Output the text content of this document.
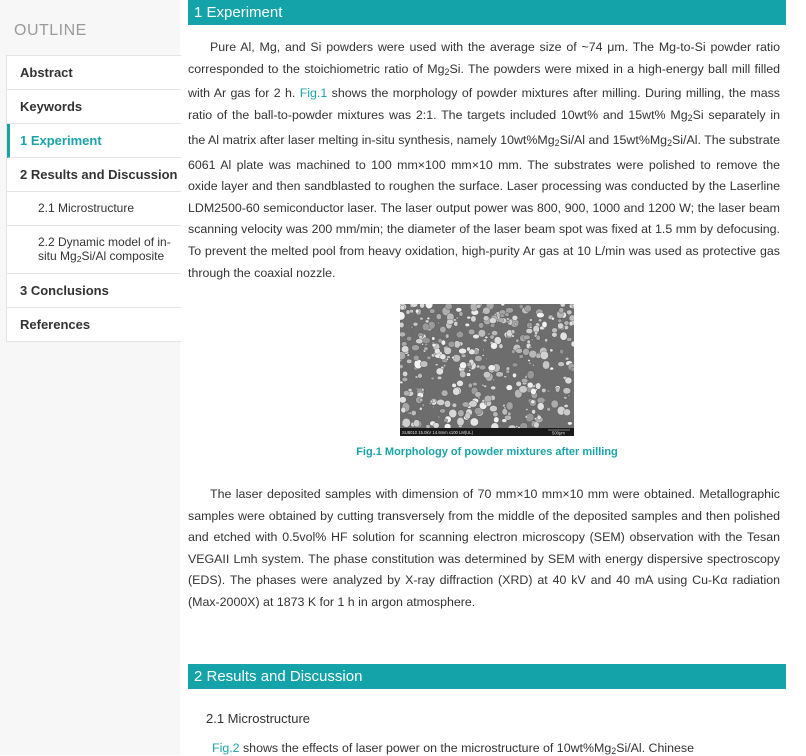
OUTLINE
Abstract
Keywords
1 Experiment
2 Results and Discussion
2.1 Microstructure
2.2 Dynamic model of in-situ $Mg_2Si/Al$ composite
3 Conclusions
References
1 Experiment

Pure Al, Mg, and Si powders were used with the average size of ~74 μm. The Mg-to-Si powder ratio corresponded to the stoichiometric ratio of $Mg_2Si$. The powders were mixed in a high-energy ball mill filled with Ar gas for 2 h. Fig.1 shows the morphology of powder mixtures after milling. During milling, the mass ratio of the ball-to-powder mixtures was 2:1. The targets included 10wt% and 15wt% $Mg_2Si$ separately in the Al matrix after laser melting in-situ synthesis, namely $10wt\%Mg_2Si/Al$ and $15wt\%Mg_2Si/Al$. The substrate 6061 Al plate was machined to 100 mm×100 mm×10 mm. The substrates were polished to remove the oxide layer and then sandblasted to roughen the surface. Laser processing was conducted by the Laserline LDM2500-60 semiconductor laser. The laser output power was 800, 900, 1000 and 1200 W; the laser beam scanning velocity was 200 mm/min; the diameter of the laser beam spot was fixed at 1.5 mm by defocusing. To prevent the melted pool from heavy oxidation, high-purity Ar gas at 10 L/min was used as protective gas through the coaxial nozzle.

SU8010 15.0kV 14.6mm x100 LM(UL)	500μm
Fig.1 Morphology of powder mixtures after milling

The laser deposited samples with dimension of 70 mm×10 mm×10 mm were obtained. Metallographic samples were obtained by cutting transversely from the middle of the deposited samples and then polished and etched with 0.5vol% HF solution for scanning electron microscopy (SEM) observation with the Tesan VEGAII Lmh system. The phase constitution was determined by SEM with energy dispersive spectroscopy (EDS). The phases were analyzed by X-ray diffraction (XRD) at 40 kV and 40 mA using Cu-Kα radiation (Max-2000X) at 1873 K for 1 h in argon atmosphere.

2 Results and Discussion
2.1 Microstructure
Fig.2 shows the effects of laser power on the microstructure of $10wt\%Mg_2Si/Al$. Chinese
